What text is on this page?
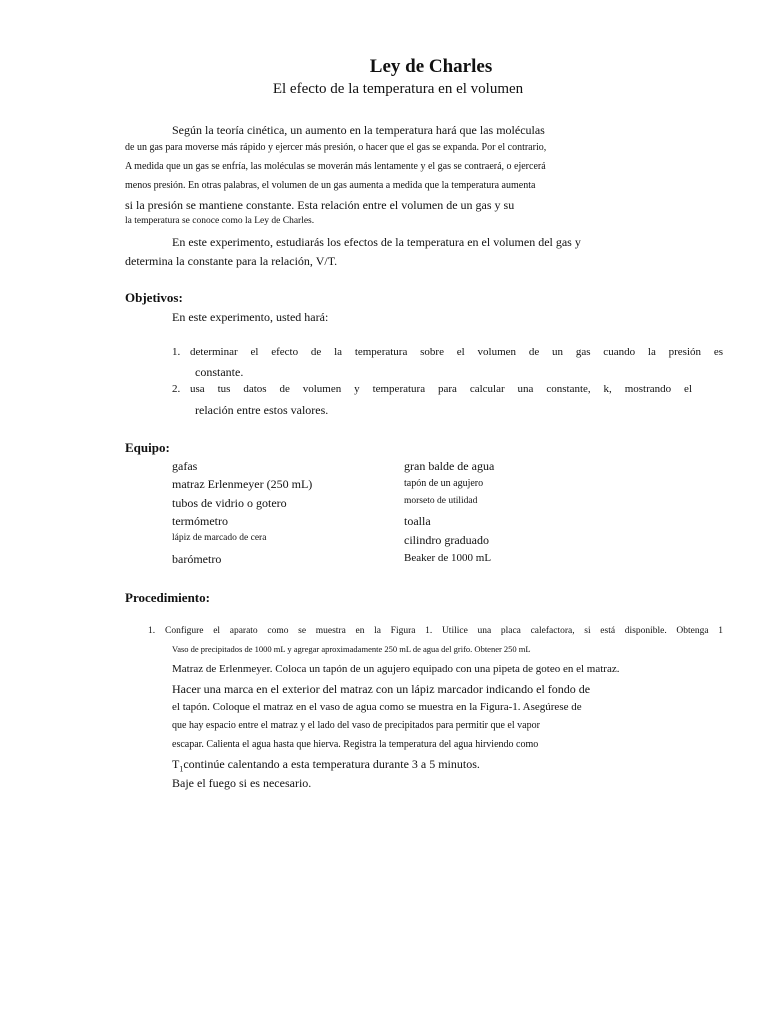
Ley de Charles
El efecto de la temperatura en el volumen
Según la teoría cinética, un aumento en la temperatura hará que las moléculas
de un gas para moverse más rápido y ejercer más presión, o hacer que el gas se expanda. Por el contrario,
A medida que un gas se enfría, las moléculas se moverán más lentamente y el gas se contraerá, o ejercerá
menos presión. En otras palabras, el volumen de un gas aumenta a medida que la temperatura aumenta
si la presión se mantiene constante. Esta relación entre el volumen de un gas y su
la temperatura se conoce como la Ley de Charles.
En este experimento, estudiarás los efectos de la temperatura en el volumen del gas y
determina la constante para la relación, V/T.
Objetivos:
En este experimento, usted hará:
1. determinar el efecto de la temperatura sobre el volumen de un gas cuando la presión es
constante.
2. usa tus datos de volumen y temperatura para calcular una constante, k, mostrando el
relación entre estos valores.
Equipo:
gafas
matraz Erlenmeyer (250 mL)
tubos de vidrio o gotero
termómetro
lápiz de marcado de cera
barómetro
gran balde de agua
tapón de un agujero
morseto de utilidad
toalla
cilindro graduado
Beaker de 1000 mL
Procedimiento:
1. Configure el aparato como se muestra en la Figura 1. Utilice una placa calefactora, si está disponible. Obtenga 1
Vaso de precipitados de 1000 mL y agregar aproximadamente 250 mL de agua del grifo. Obtener 250 mL
Matraz de Erlenmeyer. Coloca un tapón de un agujero equipado con una pipeta de goteo en el matraz.
Hacer una marca en el exterior del matraz con un lápiz marcador indicando el fondo de
el tapón. Coloque el matraz en el vaso de agua como se muestra en la Figura-1. Asegúrese de
que hay espacio entre el matraz y el lado del vaso de precipitados para permitir que el vapor
escapar. Calienta el agua hasta que hierva. Registra la temperatura del agua hirviendo como
$T_1continúe$ calentando a esta temperatura durante 3 a 5 minutos.
Baje el fuego si es necesario.
